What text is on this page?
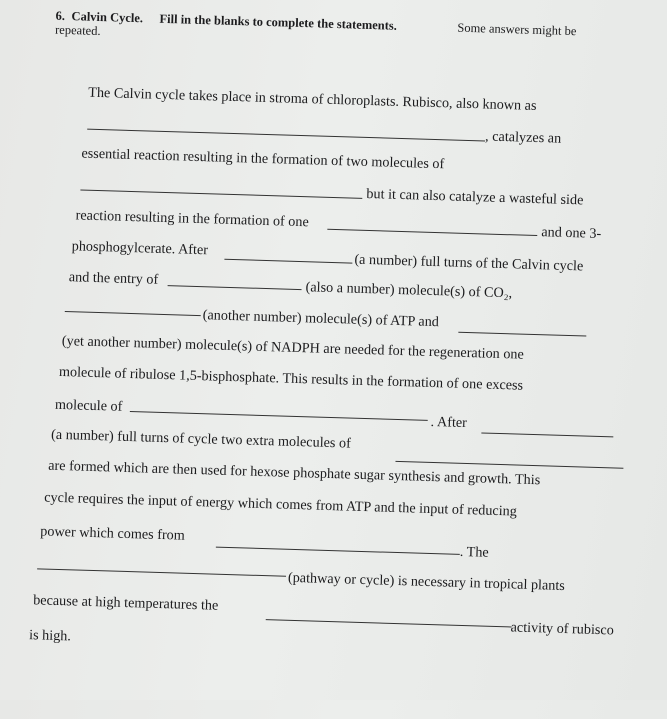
6. Calvin Cycle. Fill in the blanks to complete the statements.	Some answers might be
repeated.
The Calvin cycle takes place in stroma of chloroplasts. Rubisco, also known as
, catalyzes an
essential reaction resulting in the formation of two molecules of
but it can also catalyze a wasteful side
reaction resulting in the formation of one
and one 3-
phosphogylcerate. After
(a number) full turns of the Calvin cycle
and the entry of
(also a number) molecule(s) of CO₂,
(another number) molecule(s) of ATP and
(yet another number) molecule(s) of NADPH are needed for the regeneration one
molecule of ribulose 1,5-bisphosphate. This results in the formation of one excess
molecule of
. After
(a number) full turns of cycle two extra molecules of
are formed which are then used for hexose phosphate sugar synthesis and growth. This
cycle requires the input of energy which comes from ATP and the input of reducing
power which comes from
. The
(pathway or cycle) is necessary in tropical plants
because at high temperatures the
activity of rubisco
is high.
